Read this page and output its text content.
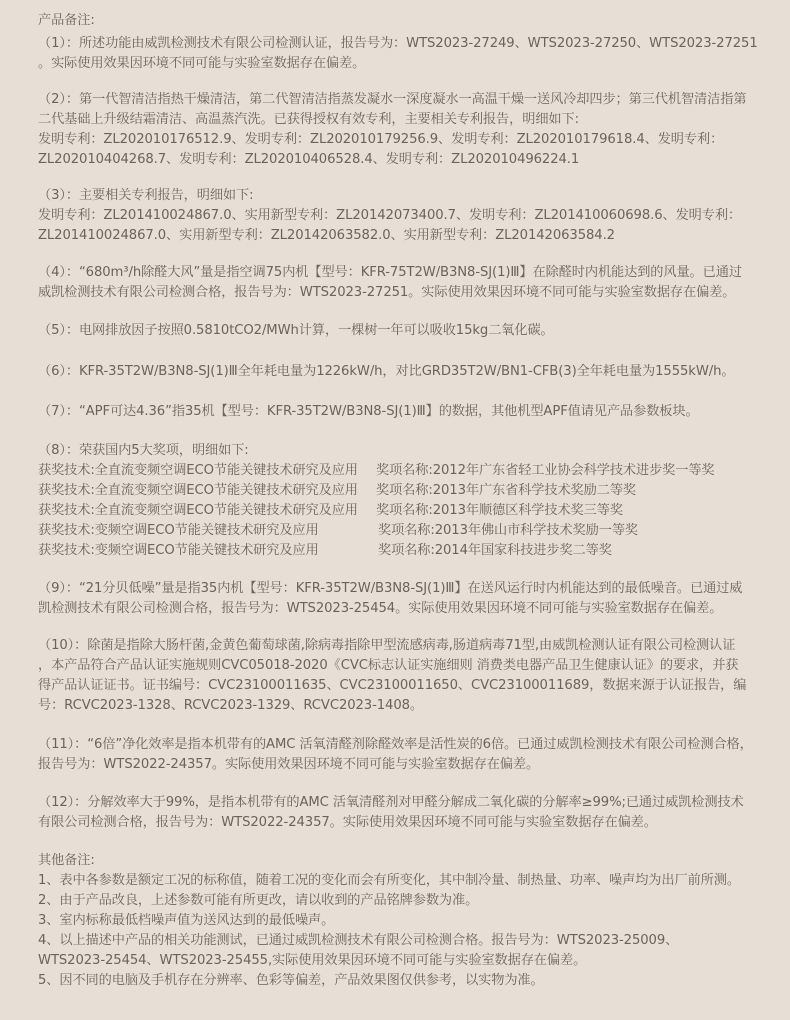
产品备注:
（1）：所述功能由威凯检测技术有限公司检测认证，报告号为：WTS2023-27249、WTS2023-27250、WTS2023-27251
。实际使用效果因环境不同可能与实验室数据存在偏差。
（2）：第一代智清洁指热干燥清洁，第二代智清洁指蒸发凝水一深度凝水一高温干燥一送风冷却四步；第三代机智清洁指第
二代基础上升级结霜清洁、高温蒸汽洗。已获得授权有效专利，主要相关专利报告，明细如下:
发明专利：ZL202010176512.9、发明专利：ZL202010179256.9、发明专利：ZL202010179618.4、发明专利：
ZL202010404268.7、发明专利：ZL202010406528.4、发明专利：ZL202010496224.1
（3）：主要相关专利报告，明细如下:
发明专利：ZL201410024867.0、实用新型专利：ZL20142073400.7、发明专利：ZL201410060698.6、发明专利：
ZL201410024867.0、实用新型专利：ZL20142063582.0、实用新型专利：ZL20142063584.2
（4）：“680m³/h除醛大风”量是指空调75内机【型号：KFR-75T2W/B3N8-SJ(1)Ⅲ】在除醛时内机能达到的风量。已通过
威凯检测技术有限公司检测合格，报告号为：WTS2023-27251。实际使用效果因环境不同可能与实验室数据存在偏差。
（5）：电网排放因子按照0.5810tCO2/MWh计算，一棵树一年可以吸收15kg二氧化碳。
（6）：KFR-35T2W/B3N8-SJ(1)Ⅲ全年耗电量为1226kW/h，对比GRD35T2W/BN1-CFB(3)全年耗电量为1555kW/h。
（7）：“APF可达4.36”指35机【型号：KFR-35T2W/B3N8-SJ(1)Ⅲ】的数据，其他机型APF值请见产品参数板块。
（8）：荣获国内5大奖项，明细如下:
获奖技术:全直流变频空调ECO节能关键技术研究及应用 奖项名称:2012年广东省轻工业协会科学技术进步奖一等奖
获奖技术:全直流变频空调ECO节能关键技术研究及应用 奖项名称:2013年广东省科学技术奖励二等奖
获奖技术:全直流变频空调ECO节能关键技术研究及应用 奖项名称:2013年顺德区科学技术奖三等奖
获奖技术:变频空调ECO节能关键技术研究及应用	奖项名称:2013年佛山市科学技术奖励一等奖
获奖技术:变频空调ECO节能关键技术研究及应用	奖项名称:2014年国家科技进步奖二等奖
（9）：“21分贝低噪”量是指35内机【型号：KFR-35T2W/B3N8-SJ(1)Ⅲ】在送风运行时内机能达到的最低噪音。已通过威
凯检测技术有限公司检测合格，报告号为：WTS2023-25454。实际使用效果因环境不同可能与实验室数据存在偏差。
（10）：除菌是指除大肠杆菌,金黄色葡萄球菌,除病毒指除甲型流感病毒,肠道病毒71型,由威凯检测认证有限公司检测认证
，本产品符合产品认证实施规则CVC05018-2020《CVC标志认证实施细则 消费类电器产品卫生健康认证》的要求，并获
得产品认证证书。证书编号：CVC23100011635、CVC23100011650、CVC23100011689，数据来源于认证报告，编
号：RCVC2023-1328、RCVC2023-1329、RCVC2023-1408。
（11）：“6倍”净化效率是指本机带有的AMC 活氧清醛剂除醛效率是活性炭的6倍。已通过威凯检测技术有限公司检测合格，
报告号为：WTS2022-24357。实际使用效果因环境不同可能与实验室数据存在偏差。
（12）：分解效率大于99%，是指本机带有的AMC 活氧清醛剂对甲醛分解成二氧化碳的分解率≥99%;已通过威凯检测技术
有限公司检测合格，报告号为：WTS2022-24357。实际使用效果因环境不同可能与实验室数据存在偏差。
其他备注:
1、表中各参数是额定工况的标称值，随着工况的变化而会有所变化，其中制冷量、制热量、功率、噪声均为出厂前所测。
2、由于产品改良，上述参数可能有所更改，请以收到的产品铭牌参数为准。
3、室内标称最低档噪声值为送风达到的最低噪声。
4、以上描述中产品的相关功能测试，已通过威凯检测技术有限公司检测合格。报告号为：WTS2023-25009、
WTS2023-25454、WTS2023-25455,实际使用效果因环境不同可能与实验室数据存在偏差。
5、因不同的电脑及手机存在分辨率、色彩等偏差，产品效果图仅供参考，以实物为准。
